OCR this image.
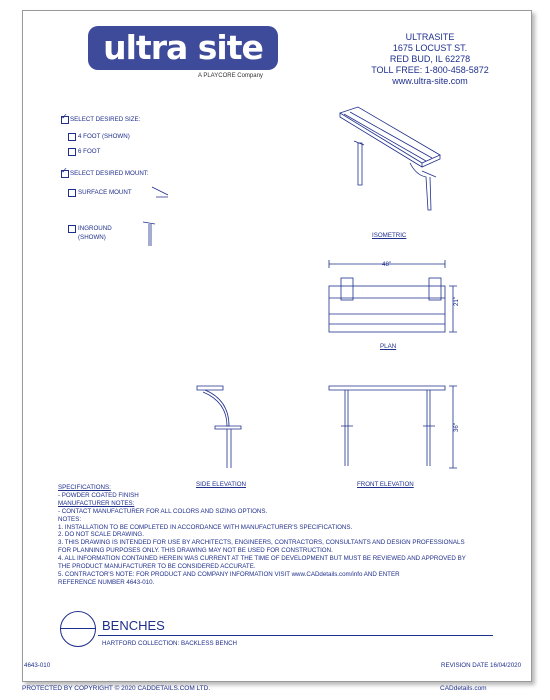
ultra site
A PLAYCORE Company
ULTRASITE
1675 LOCUST ST.
RED BUD, IL 62278
TOLL FREE: 1-800-458-5872
www.ultra-site.com
✓ SELECT DESIRED SIZE:
4 FOOT (SHOWN)
6 FOOT
✓ SELECT DESIRED MOUNT:
SURFACE MOUNT
INGROUND
(SHOWN)	ISOMETRIC
48"
21"
PLAN
SIDE ELEVATION
36"
FRONT ELEVATION
SPECIFICATIONS:
- POWDER COATED FINISH
MANUFACTURER NOTES:
- CONTACT MANUFACTURER FOR ALL COLORS AND SIZING OPTIONS.
NOTES:
1. INSTALLATION TO BE COMPLETED IN ACCORDANCE WITH MANUFACTURER'S SPECIFICATIONS.
2. DO NOT SCALE DRAWING.
3. THIS DRAWING IS INTENDED FOR USE BY ARCHITECTS, ENGINEERS, CONTRACTORS, CONSULTANTS AND DESIGN PROFESSIONALS
FOR PLANNING PURPOSES ONLY. THIS DRAWING MAY NOT BE USED FOR CONSTRUCTION.
4. ALL INFORMATION CONTAINED HEREIN WAS CURRENT AT THE TIME OF DEVELOPMENT BUT MUST BE REVIEWED AND APPROVED BY
THE PRODUCT MANUFACTURER TO BE CONSIDERED ACCURATE.
5. CONTRACTOR'S NOTE: FOR PRODUCT AND COMPANY INFORMATION VISIT www.CADdetails.com/info AND ENTER
REFERENCE NUMBER 4643-010.
BENCHES
HARTFORD COLLECTION: BACKLESS BENCH
4643-010	REVISION DATE 16/04/2020
PROTECTED BY COPYRIGHT © 2020 CADDETAILS.COM LTD.	CADdetails.com
